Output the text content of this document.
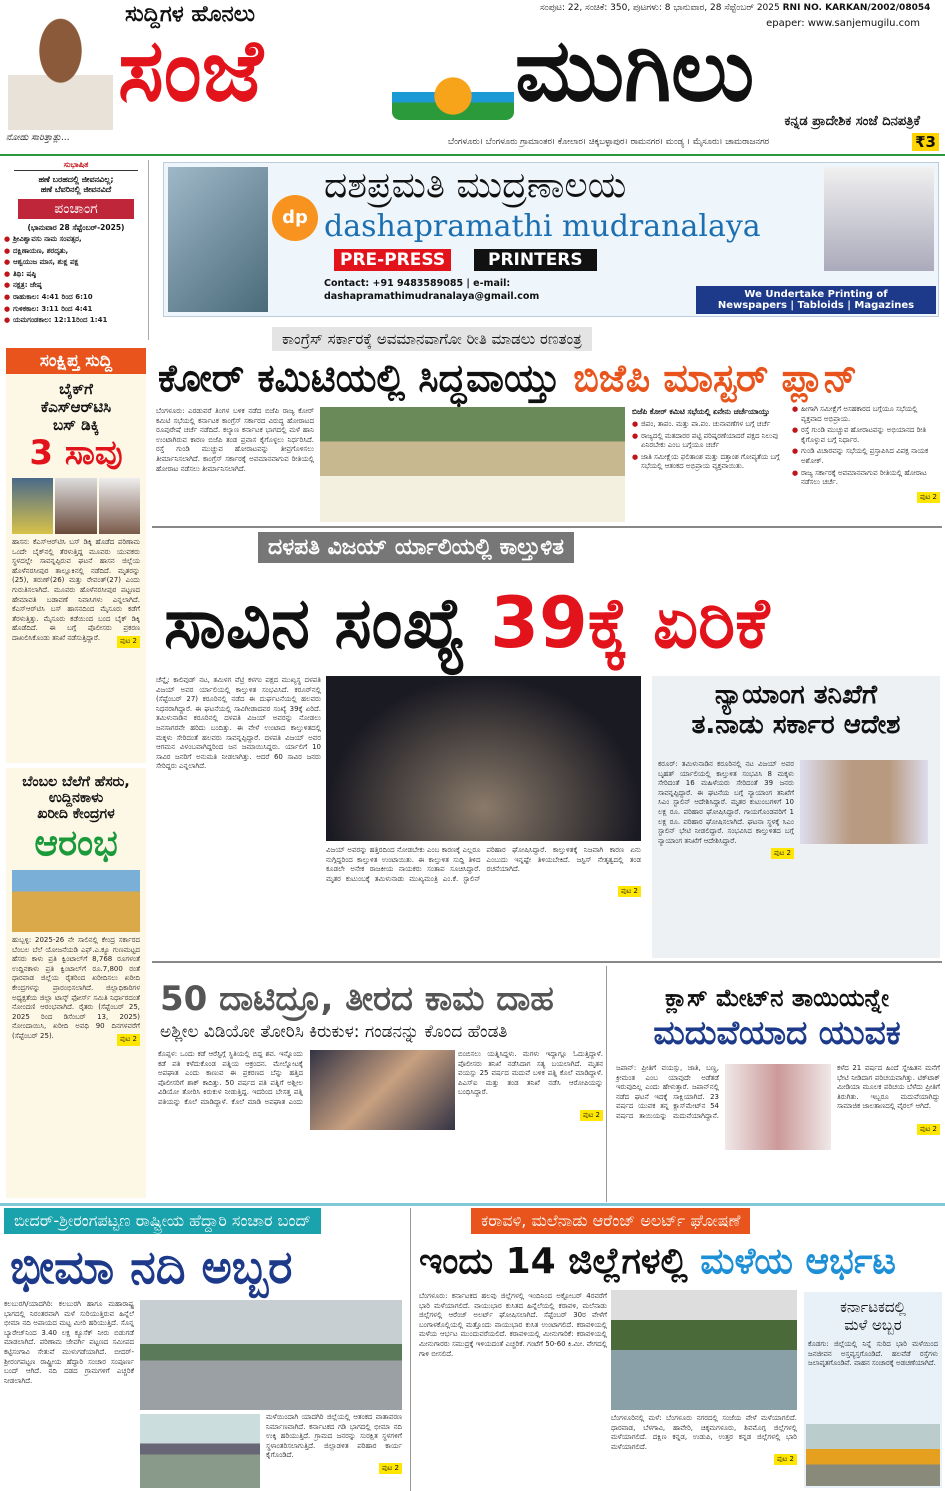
ನೋಡು ಸಾರಿತ್ತಾತ್ಲು...
ಸುದ್ದಿಗಳ ಹೊನಲು
ಸಂಜೆ	ಮುಗಿಲು
ಸಂಪುಟ: 22, ಸಂಚಿಕೆ: 350, ಪುಟಗಳು: 8 ಭಾನುವಾರ, 28 ಸೆಪ್ಟೆಂಬರ್ 2025 RNI NO. KARKAN/2002/08054
epaper: www.sanjemugilu.com
ಕನ್ನಡ ಪ್ರಾದೇಶಿಕ ಸಂಜೆ ದಿನಪತ್ರಿಕೆ
ಬೆಂಗಳೂರು। ಬೆಂಗಳೂರು ಗ್ರಾಮಾಂತರ। ಕೋಲಾರ। ಚಿಕ್ಕಬಳ್ಳಾಪುರ। ರಾಮನಗರ। ಮಂಡ್ಯ । ಮೈಸೂರು। ಚಾಮರಾಜನಗರ	₹3
ಸುಭಾಷಿತ
ಹಣೆ ಬರಹದಲ್ಲಿ ಜೀವನವಿಲ್ಲ;
ಹಣೆ ಬೆವರಿನಲ್ಲಿ ಜೀವನವಿದೆ
ಪಂಚಾಂಗ
(ಭಾನುವಾರ 28 ಸೆಪ್ಟೆಂಬರ್-2025)
● ಶ್ರೀವಿಶ್ವಾವಸು ನಾಮ ಸಂವತ್ಸರ,
● ದಕ್ಷಿಣಾಯಣ, ಶರದೃತು,
● ಆಶ್ವಯುಜ ಮಾಸ, ಶುಕ್ಲ ಪಕ್ಷ
● ತಿಥಿ: ಷಷ್ಠಿ
● ನಕ್ಷತ್ರ: ಜೇಷ್ಠ
● ರಾಹುಕಾಲ: 4:41 ರಿಂದ 6:10
● ಗುಳಿಕಕಾಲ: 3:11 ರಿಂದ 4:41
● ಯಮಗಂಡಕಾಲ: 12:11ರಿಂದ 1:41
ಸಂಕ್ಷಿಪ್ತ ಸುದ್ದಿ
ಬೈಕ್‌ಗೆ
ಕೆಎಸ್‌ಆರ್‌ಟಿಸಿ
ಬಸ್ ಡಿಕ್ಕಿ
3 ಸಾವು
ಹಾಸನ: ಕೆಎಸ್‌ಆರ್‌ಟಿಸಿ ಬಸ್ ಡಿಕ್ಕಿ ಹೊಡೆದ ಪರಿಣಾಮ ಒಂದೇ ಬೈಕ್‌ನಲ್ಲಿ ತೆರಳುತ್ತಿದ್ದ ಮೂವರು ಯುವಕರು ಸ್ಥಳದಲ್ಲೇ ಸಾವನ್ನಪ್ಪಿರುವ ಘಟನೆ ಹಾಸನ ಜಿಲ್ಲೆಯ ಹೊಳೆನರಸೀಪುರ ತಾಲ್ಲೂಕಿನಲ್ಲಿ ನಡೆದಿದೆ. ಮೃತರನ್ನು (25), ತರುಣ್(26) ಮತ್ತು ರೇವಂತ್(27) ಎಂದು ಗುರುತಿಸಲಾಗಿದೆ. ಮೂವರು ಹೊಳೆನರಸೀಪುರ ಪಟ್ಟಣದ ಹೇಮಾವತಿ ಬಡಾವಣೆ ನಿವಾಸಿಗಳು ಎನ್ನಲಾಗಿದೆ. ಕೆಎಸ್‌ಆರ್‌ಟಿಸಿ ಬಸ್ ಹಾಸನದಿಂದ ಮೈಸೂರು ಕಡೆಗೆ ತೆರಳುತ್ತಿತ್ತು. ಮೈಸೂರು ಕಡೆಯಿಂದ ಬಂದ ಬೈಕ್ ಡಿಕ್ಕಿ ಹೊಡೆದಿದೆ. ಈ ಬಗ್ಗೆ ಪೊಲೀಸರು ಪ್ರಕರಣ ದಾಖಲಿಸಿಕೊಂಡು ತನಿಖೆ ನಡೆಸುತ್ತಿದ್ದಾರೆ.	ಪುಟ 2
ಬೆಂಬಲ ಬೆಲೆಗೆ ಹೆಸರು,
ಉದ್ದಿನಕಾಳು
ಖರೀದಿ ಕೇಂದ್ರಗಳ
ಆರಂಭ
ಹುಬ್ಬಳ್ಳಿ: 2025-26 ನೇ ಸಾಲಿನಲ್ಲಿ ಕೇಂದ್ರ ಸರ್ಕಾರದ ಬೆಂಬಲ ಬೆಲೆ ಯೋಜನೆಯಡಿ ಎಫ್.ಎ.ಕ್ಯೂ ಗುಣಮಟ್ಟದ ಹೆಸರು ಕಾಳು ಪ್ರತಿ ಕ್ವಿಂಟಾಲ್‌ಗೆ 8,768 ರೂಗಳಂತೆ ಉದ್ದಿನಕಾಳು ಪ್ರತಿ ಕ್ವಿಂಟಾಲ್‌ಗೆ ರೂ.7,800 ರಂತೆ ಧಾರವಾಡ ಜಿಲ್ಲೆಯ ರೈತರಿಂದ ಖರೀದಿಸಲು ಖರೀದಿ ಕೇಂದ್ರಗಳನ್ನು ಪ್ರಾರಂಭಿಸಲಾಗಿದೆ. ಜಿಲ್ಲಾಧಿಕಾರಿಗಳ ಅಧ್ಯಕ್ಷತೆಯ ಜಿಲ್ಲಾ ಟಾಸ್ಕ್ ಫೋರ್ಸ್ ಸಮಿತಿ ನಿರ್ಧಾರದಂತೆ ನೋಂದಣಿ ಆರಂಭವಾಗಿದೆ. ರೈತರು (ಸೆಪ್ಟೆಂಬರ್ 25, 2025 ರಿಂದ ಡಿಸೆಂಬರ್ 13, 2025) ನೋಂದಾಯಿಸಿ, ಖರೀದಿ ಅವಧಿ 90 ದಿನಗಳವರೆಗೆ (ಸೆಪ್ಟೆಂಬರ್ 25).	ಪುಟ 2
dp
ದಶಪ್ರಮತಿ ಮುದ್ರಣಾಲಯ
dashapramathi mudranalaya
PRE-PRESS	PRINTERS
Contact: +91 9483589085 | e-mail: dashapramathimudranalaya@gmail.com	We Undertake Printing of
Newspapers | Tabloids | Magazines
ಕಾಂಗ್ರೆಸ್ ಸರ್ಕಾರಕ್ಕೆ ಅವಮಾನವಾಗೋ ರೀತಿ ಮಾಡಲು ರಣತಂತ್ರ
ಕೋರ್ ಕಮಿಟಿಯಲ್ಲಿ ಸಿದ್ಧವಾಯ್ತು ಬಿಜೆಪಿ ಮಾಸ್ಟರ್ ಪ್ಲಾನ್
ಬೆಂಗಳೂರು: ಎರಡುವರೆ ತಿಂಗಳ ಬಳಿಕ ನಡೆದ ಬಿಜೆಪಿ ರಾಜ್ಯ ಕೋರ್ ಕಮಿಟಿ ಸಭೆಯಲ್ಲಿ ಕರ್ನಾಟಕ ಕಾಂಗ್ರೆಸ್ ಸರ್ಕಾರದ ವಿರುದ್ಧ ಹೋರಾಟದ ರೂಪುರೇಷೆ ಚರ್ಚೆ ನಡೆದಿದೆ. ಕಲ್ಯಾಣ ಕರ್ನಾಟಕ ಭಾಗದಲ್ಲಿ ಮಳೆ ಹಾನಿ ಉಂಟಾಗಿರುವ ಕಾರಣ ಬಿಜೆಪಿ ತಂಡ ಪ್ರವಾಸ ಕೈಗೊಳ್ಳಲು ನಿರ್ಧರಿಸಿದೆ. ರಸ್ತೆ ಗುಂಡಿ ಮುಚ್ಚುವ ಹೋರಾಟವನ್ನು ತೀವ್ರಗೊಳಿಸಲು ತೀರ್ಮಾನಿಸಲಾಗಿದೆ. ಕಾಂಗ್ರೆಸ್ ಸರ್ಕಾರಕ್ಕೆ ಅವಮಾನವಾಗುವ ರೀತಿಯಲ್ಲಿ ಹೋರಾಟ ನಡೆಸಲು ತೀರ್ಮಾನಿಸಲಾಗಿದೆ.
ಬಿಜೆಪಿ ಕೋರ್ ಕಮಿಟಿ ಸಭೆಯಲ್ಲಿ ಏನೇನು ಚರ್ಚೆಯಾಯ್ತು
● ಜಿಪಂ, ತಾಪಂ. ಮತ್ತು ಪಾ.ಪಂ. ಚುನಾವಣೆಗಳ ಬಗ್ಗೆ ಚರ್ಚೆ
● ರಾಜ್ಯದಲ್ಲಿ ಮತದಾರರ ಪಟ್ಟಿ ಪರಿಷ್ಕರಣೆಯಾದರೆ ಪಕ್ಷದ ನಿಲುವು ಏನಿರಬೇಕು ಎಂಬ ಬಗ್ಗೆಯೂ ಚರ್ಚೆ
● ಜಾತಿ ಸಮೀಕ್ಷೆಯ ಫಲಿತಾಂಶ ಮತ್ತು ದತ್ತಾಂಶ ಗೋಪ್ಯತೆಯ ಬಗ್ಗೆ ಸಭೆಯಲ್ಲಿ ಆತಂಕದ ಅಭಿಪ್ರಾಯ ವ್ಯಕ್ತವಾಯಿತು.
● ಹೀಗಾಗಿ ಸಮೀಕ್ಷೆಗೆ ಅಸಹಕಾರದ ಬಗ್ಗೆಯೂ ಸಭೆಯಲ್ಲಿ ವ್ಯಕ್ತವಾದ ಅಭಿಪ್ರಾಯ.
● ರಸ್ತೆ ಗುಂಡಿ ಮುಚ್ಚುವ ಹೋರಾಟವನ್ನು ಅಭಿಯಾನದ ರೀತಿ ಕೈಗೊಳ್ಳುವ ಬಗ್ಗೆ ನಿರ್ಧಾರ.
● ಗುಂಡಿ ವಿಚಾರವನ್ನು ಸಭೆಯಲ್ಲಿ ಪ್ರಸ್ತಾಪಿಸಿದ ವಿಪಕ್ಷ ನಾಯಕ ಅಶೋಕ್.
● ರಾಜ್ಯ ಸರ್ಕಾರಕ್ಕೆ ಅವಮಾನವಾಗುವ ರೀತಿಯಲ್ಲಿ ಹೋರಾಟ ನಡೆಸಲು ಚರ್ಚೆ.
ಪುಟ 2
ದಳಪತಿ ವಿಜಯ್ ರ್ಯಾಲಿಯಲ್ಲಿ ಕಾಲ್ತುಳಿತ
ಸಾವಿನ ಸಂಖ್ಯೆ 39ಕ್ಕೆ ಏರಿಕೆ
ಚೆನ್ನೈ: ಕಾಲಿವುಡ್ ನಟ, ತಮಿಳಗ ವೆಟ್ರಿ ಕಳಗಂ ಪಕ್ಷದ ಮುಖ್ಯಸ್ಥ ದಳಪತಿ ವಿಜಯ್ ಅವರ ರ್ಯಾಲಿಯಲ್ಲಿ ಕಾಲ್ತುಳಿತ ಸಂಭವಿಸಿದೆ. ಕರೂರ್‌ನಲ್ಲಿ (ಸೆಪ್ಟೆಂಬರ್ 27) ಕರೂರಿನಲ್ಲಿ ನಡೆದ ಈ ದುರ್ಘಟನೆಯಲ್ಲಿ ಹಲವರು ನಿಧನರಾಗಿದ್ದಾರೆ. ಈ ಘಟನೆಯಲ್ಲಿ ಸಾವಿಗೀಡಾದವರ ಸಂಖ್ಯೆ 39ಕ್ಕೆ ಏರಿದೆ. ತಮಿಳುನಾಡಿನ ಕರೂರಿನಲ್ಲಿ ದಳಪತಿ ವಿಜಯ್ ಅವರನ್ನು ನೋಡಲು ಜನಸಾಗರವೇ ಹರಿದು ಬಂದಿತ್ತು. ಈ ವೇಳೆ ಉಂಟಾದ ಕಾಲ್ತುಳಿತದಲ್ಲಿ ಮಕ್ಕಳು ಸೇರಿದಂತೆ ಹಲವರು ಸಾವನ್ನಪ್ಪಿದ್ದಾರೆ. ದಳಪತಿ ವಿಜಯ್ ಅವರ ಆಗಮನ ವಿಳಂಬವಾಗಿದ್ದರಿಂದ ಜನ ಜಮಾಯಿಸಿದ್ದರು. ರ್ಯಾಲಿಗೆ 10 ಸಾವಿರ ಜನರಿಗೆ ಅನುಮತಿ ನೀಡಲಾಗಿತ್ತು. ಆದರೆ 60 ಸಾವಿರ ಜನರು ಸೇರಿದ್ದರು ಎನ್ನಲಾಗಿದೆ.
ವಿಜಯ್ ಅವರನ್ನು ಹತ್ತಿರದಿಂದ ನೋಡಬೇಕು ಎಂಬ ಕಾರಣಕ್ಕೆ ಎಲ್ಲರೂ ನುಗ್ಗಿದ್ದರಿಂದ ಕಾಲ್ತುಳಿತ ಉಂಟಾಯಿತು. ಈ ಕಾಲ್ತುಳಿತ ಸುದ್ದಿ ತಿಳಿದ ಕೂಡಲೇ ಅನೇಕ ರಾಜಕೀಯ ನಾಯಕರು ಸಂತಾಪ ಸೂಚಿಸಿದ್ದಾರೆ. ಮೃತರ ಕುಟುಂಬಕ್ಕೆ ತಮಿಳುನಾಡು ಮುಖ್ಯಮಂತ್ರಿ ಎಂ.ಕೆ. ಸ್ಟಾಲಿನ್ ಪರಿಹಾರ ಘೋಷಿಸಿದ್ದಾರೆ. ಕಾಲ್ತುಳಿತಕ್ಕೆ ನಿಜವಾಗಿ ಕಾರಣ ಏನು ಎಂಬುದು ಇನ್ನಷ್ಟೇ ತಿಳಿಯಬೇಕಿದೆ. ಜಸ್ಟಿಸ್ ನೇತೃತ್ವದಲ್ಲಿ ತಂಡ ರಚನೆಯಾಗಿದೆ.
ಪುಟ 2
ನ್ಯಾಯಾಂಗ ತನಿಖೆಗೆ
ತ.ನಾಡು ಸರ್ಕಾರ ಆದೇಶ
ಕರೂರ್: ತಮಿಳುನಾಡಿನ ಕರೂರಿನಲ್ಲಿ ನಟ ವಿಜಯ್ ಅವರ ಬೃಹತ್ ರ್ಯಾಲಿಯಲ್ಲಿ ಕಾಲ್ತುಳಿತ ಸಂಭವಿಸಿ 8 ಮಕ್ಕಳು ಸೇರಿದಂತೆ 16 ಮಹಿಳೆಯರು ಸೇರಿದಂತೆ 39 ಜನರು ಸಾವನ್ನಪ್ಪಿದ್ದಾರೆ. ಈ ಘಟನೆಯ ಬಗ್ಗೆ ನ್ಯಾಯಾಂಗ ತನಿಖೆಗೆ ಸಿಎಂ ಸ್ಟಾಲಿನ್ ಆದೇಶಿಸಿದ್ದಾರೆ. ಮೃತರ ಕುಟುಂಬಗಳಿಗೆ 10 ಲಕ್ಷ ರೂ. ಪರಿಹಾರ ಘೋಷಿಸಿದ್ದಾರೆ. ಗಾಯಗೊಂಡವರಿಗೆ 1 ಲಕ್ಷ ರೂ. ಪರಿಹಾರ ಘೋಷಿಸಲಾಗಿದೆ. ಘಟನಾ ಸ್ಥಳಕ್ಕೆ ಸಿಎಂ ಸ್ಟಾಲಿನ್ ಭೇಟಿ ನೀಡಲಿದ್ದಾರೆ. ಸಂಭವಿಸಿದ ಕಾಲ್ತುಳಿತದ ಬಗ್ಗೆ ನ್ಯಾಯಾಂಗ ತನಿಖೆಗೆ ಆದೇಶಿಸಿದ್ದಾರೆ.
ಪುಟ 2
50 ದಾಟಿದ್ರೂ, ತೀರದ ಕಾಮ ದಾಹ
ಅಶ್ಲೀಲ ವಿಡಿಯೋ ತೋರಿಸಿ ಕಿರುಕುಳ: ಗಂಡನನ್ನು ಕೊಂದ ಹೆಂಡತಿ
ಕೊಪ್ಪಳ: ಒಂದು ಕಡೆ ಆರೆಸ್ಟಿಗ್ಗೆ ಸ್ಥಿತಿಯಲ್ಲಿ ಬಿದ್ದ ಶವ. ಇನ್ನೊಂದು ಕಡೆ ಪತಿ ಕಳೆದುಕೊಂಡ ಪತ್ನಿಯ ಆಕ್ರಂದನ. ಮೇಲ್ನೋಟಕ್ಕೆ ಅಪಘಾತ ಎಂದು ಕಾಣುವ ಈ ಪ್ರಕರಣದ ಬೆನ್ನು ಹತ್ತಿದ ಪೊಲೀಸರಿಗೆ ಶಾಕ್ ಕಾದಿತ್ತು. 50 ವರ್ಷದ ಪತಿ ಪತ್ನಿಗೆ ಅಶ್ಲೀಲ ವಿಡಿಯೋ ತೋರಿಸಿ ಕಿರುಕುಳ ನೀಡುತ್ತಿದ್ದ. ಇದರಿಂದ ಬೇಸತ್ತ ಪತ್ನಿ ಪತಿಯನ್ನು ಕೊಲೆ ಮಾಡಿದ್ದಾಳೆ. ಕೊಲೆ ಮಾಡಿ ಅಪಘಾತ ಎಂದು ಬಿಂಬಿಸಲು ಯತ್ನಿಸಿದ್ದಳು. ಮಗಳು ಇದ್ದಾಗ್ಲೂ ಓದುತ್ತಿದ್ದಾಳೆ. ಪೊಲೀಸರು ತನಿಖೆ ನಡೆಸಿದಾಗ ಸತ್ಯ ಬಯಲಾಗಿದೆ. ಮೃತನ ವಯಸ್ಸು 25 ವರ್ಷದ ಮದುವೆ ಬಳಿಕ ಪತ್ನಿ ಕೊಲೆ ಮಾಡಿದ್ದಾಳೆ. ಪಿಎಸ್‌ಐ ಮತ್ತು ತಂಡ ತನಿಖೆ ನಡೆಸಿ ಆರೋಪಿಯನ್ನು ಬಂಧಿಸಿದ್ದಾರೆ.
ಪುಟ 2
ಕ್ಲಾಸ್ ಮೇಟ್‌ನ ತಾಯಿಯನ್ನೇ
ಮದುವೆಯಾದ ಯುವಕ
ಜಪಾನ್: ಪ್ರೀತಿಗೆ ವಯಸ್ಸು, ಜಾತಿ, ಬಣ್ಣ, ಕ್ರೀಮಂತ ಎಂಬ ಯಾವುದೇ ಅಡೆತಡೆ ಇರುವುದಿಲ್ಲ ಎಂದು ಹೇಳುತ್ತಾರೆ. ಜಪಾನ್‌ನಲ್ಲಿ ನಡೆದ ಘಟನೆ ಇದಕ್ಕೆ ಸಾಕ್ಷಿಯಾಗಿದೆ. 23 ವರ್ಷದ ಯುವಕ ತನ್ನ ಕ್ಲಾಸ್‌ಮೇಟ್‌ನ 54 ವರ್ಷದ ತಾಯಿಯನ್ನು ಮದುವೆಯಾಗಿದ್ದಾನೆ. ಕಳೆದ 21 ವರ್ಷದ ಹಿಂದೆ ಸ್ನೇಹಿತನ ಮನೆಗೆ ಭೇಟಿ ನೀಡಿದಾಗ ಪರಿಚಯವಾಗಿತ್ತು. ಟಿಕ್‌ಟಾಕ್ ಮೀಡಿಯಾ ಮೂಲಕ ಪರಿಚಯ ಬೆಳೆದು ಪ್ರೀತಿಗೆ ತಿರುಗಿತು. ಇಬ್ಬರೂ ಮದುವೆಯಾಗಿದ್ದು ಸಾಮಾಜಿಕ ಜಾಲತಾಣದಲ್ಲಿ ವೈರಲ್ ಆಗಿದೆ.
ಪುಟ 2
ಬೀದರ್-ಶ್ರೀರಂಗಪಟ್ಟಣ ರಾಷ್ಟ್ರೀಯ ಹೆದ್ದಾರಿ ಸಂಚಾರ ಬಂದ್
ಭೀಮಾ ನದಿ ಅಬ್ಬರ
ಕಲಬುರಗಿ/ಯಾದಗಿರಿ: ಕಲಬುರಗಿ ಹಾಗೂ ಮಹಾರಾಷ್ಟ್ರ ಭಾಗದಲ್ಲಿ ನಿರಂತರವಾಗಿ ಮಳೆ ಸುರಿಯುತ್ತಿರುವ ಹಿನ್ನೆಲೆ ಭೀಮಾ ನದಿ ಅಪಾಯದ ಮಟ್ಟ ಮೀರಿ ಹರಿಯುತ್ತಿದೆ. ಸೊನ್ನ ಬ್ಯಾರೇಜ್‌ನಿಂದ 3.40 ಲಕ್ಷ ಕ್ಯೂಸೆಕ್ ನೀರು ಬಿಡುಗಡೆ ಮಾಡಲಾಗಿದೆ. ಪರಿಣಾಮ ಜೇವರ್ಗಿ ಪಟ್ಟಣದ ಸಮೀಪದ ಕಟ್ಟಿಸಂಗಾವಿ ಸೇತುವೆ ಮುಳುಗಡೆಯಾಗಿದೆ. ಬೀದರ್-ಶ್ರೀರಂಗಪಟ್ಟಣ ರಾಷ್ಟ್ರೀಯ ಹೆದ್ದಾರಿ ಸಂಚಾರ ಸಂಪೂರ್ಣ ಬಂದ್ ಆಗಿದೆ. ನದಿ ದಡದ ಗ್ರಾಮಗಳಿಗೆ ಎಚ್ಚರಿಕೆ ನೀಡಲಾಗಿದೆ.
ಮಳೆಯಿಂದಾಗಿ ಯಾದಗಿರಿ ಜಿಲ್ಲೆಯಲ್ಲಿ ಆತಂಕದ ವಾತಾವರಣ ನಿರ್ಮಾಣವಾಗಿದೆ. ಕರ್ನಾಟಕದ ಗಡಿ ಭಾಗದಲ್ಲಿ ಭೀಮಾ ನದಿ ಉಕ್ಕಿ ಹರಿಯುತ್ತಿದೆ. ಗ್ರಾಮದ ಜನರನ್ನು ಸುರಕ್ಷಿತ ಸ್ಥಳಗಳಿಗೆ ಸ್ಥಳಾಂತರಿಸಲಾಗುತ್ತಿದೆ. ಜಿಲ್ಲಾಡಳಿತ ಪರಿಹಾರ ಕಾರ್ಯ ಕೈಗೊಂಡಿದೆ.
ಪುಟ 2
ಕರಾವಳಿ, ಮಲೆನಾಡು ಆರೆಂಜ್ ಅಲರ್ಟ್ ಘೋಷಣೆ
ಇಂದು 14 ಜಿಲ್ಲೆಗಳಲ್ಲಿ ಮಳೆಯ ಆರ್ಭಟ
ಬೆಂಗಳೂರು: ಕರ್ನಾಟಕದ ಹಲವು ಜಿಲ್ಲೆಗಳಲ್ಲಿ ಇಂದಿನಿಂದ ಅಕ್ಟೋಬರ್ 4ರವರೆಗೆ ಭಾರಿ ಮಳೆಯಾಗಲಿದೆ. ವಾಯುಭಾರ ಕುಸಿತದ ಹಿನ್ನೆಲೆಯಲ್ಲಿ ಕರಾವಳಿ, ಮಲೆನಾಡು ಜಿಲ್ಲೆಗಳಲ್ಲಿ ಆರೆಂಜ್ ಅಲರ್ಟ್ ಘೋಷಿಸಲಾಗಿದೆ. ಸೆಪ್ಟೆಂಬರ್ 30ರ ವೇಳೆಗೆ ಬಂಗಾಳಕೊಲ್ಲಿಯಲ್ಲಿ ಮತ್ತೊಂದು ವಾಯುಭಾರ ಕುಸಿತ ಉಂಟಾಗಲಿದೆ. ಕರಾವಳಿಯಲ್ಲಿ ಮಳೆಯ ಆರ್ಭಟ ಮುಂದುವರೆಯಲಿದೆ. ಕರಾವಳಿಯಲ್ಲಿ ಮೀನುಗಾರಿಕೆ: ಕರಾವಳಿಯಲ್ಲಿ ಮೀನುಗಾರರು ಸಮುದ್ರಕ್ಕೆ ಇಳಿಯದಂತೆ ಎಚ್ಚರಿಕೆ. ಗಂಟೆಗೆ 50-60 ಕಿ.ಮೀ. ವೇಗದಲ್ಲಿ ಗಾಳಿ ಬೀಸಲಿದೆ.
ಬೆಂಗಳೂರಿನಲ್ಲಿ ಮಳೆ: ಬೆಂಗಳೂರು ನಗರದಲ್ಲಿ ಸಂಜೆಯ ವೇಳೆ ಮಳೆಯಾಗಲಿದೆ. ಧಾರವಾಡ, ಬೆಳಗಾವಿ, ಹಾವೇರಿ, ಚಿಕ್ಕಮಗಳೂರು, ಶಿವಮೊಗ್ಗ ಜಿಲ್ಲೆಗಳಲ್ಲಿ ಮಳೆಯಾಗಲಿದೆ. ದಕ್ಷಿಣ ಕನ್ನಡ, ಉಡುಪಿ, ಉತ್ತರ ಕನ್ನಡ ಜಿಲ್ಲೆಗಳಲ್ಲಿ ಭಾರಿ ಮಳೆಯಾಗಲಿದೆ.
ಪುಟ 2
ಕರ್ನಾಟಕದಲ್ಲಿ
ಮಳೆ ಅಬ್ಬರ
ಕೊಡಗು: ಜಿಲ್ಲೆಯಲ್ಲಿ ನಿನ್ನೆ ಸುರಿದ ಭಾರಿ ಮಳೆಯಿಂದ ಜನಜೀವನ ಅಸ್ತವ್ಯಸ್ತಗೊಂಡಿದೆ. ಹಲವೆಡೆ ರಸ್ತೆಗಳು ಜಲಾವೃತಗೊಂಡಿವೆ. ವಾಹನ ಸಂಚಾರಕ್ಕೆ ಅಡಚಣೆಯಾಗಿದೆ.
